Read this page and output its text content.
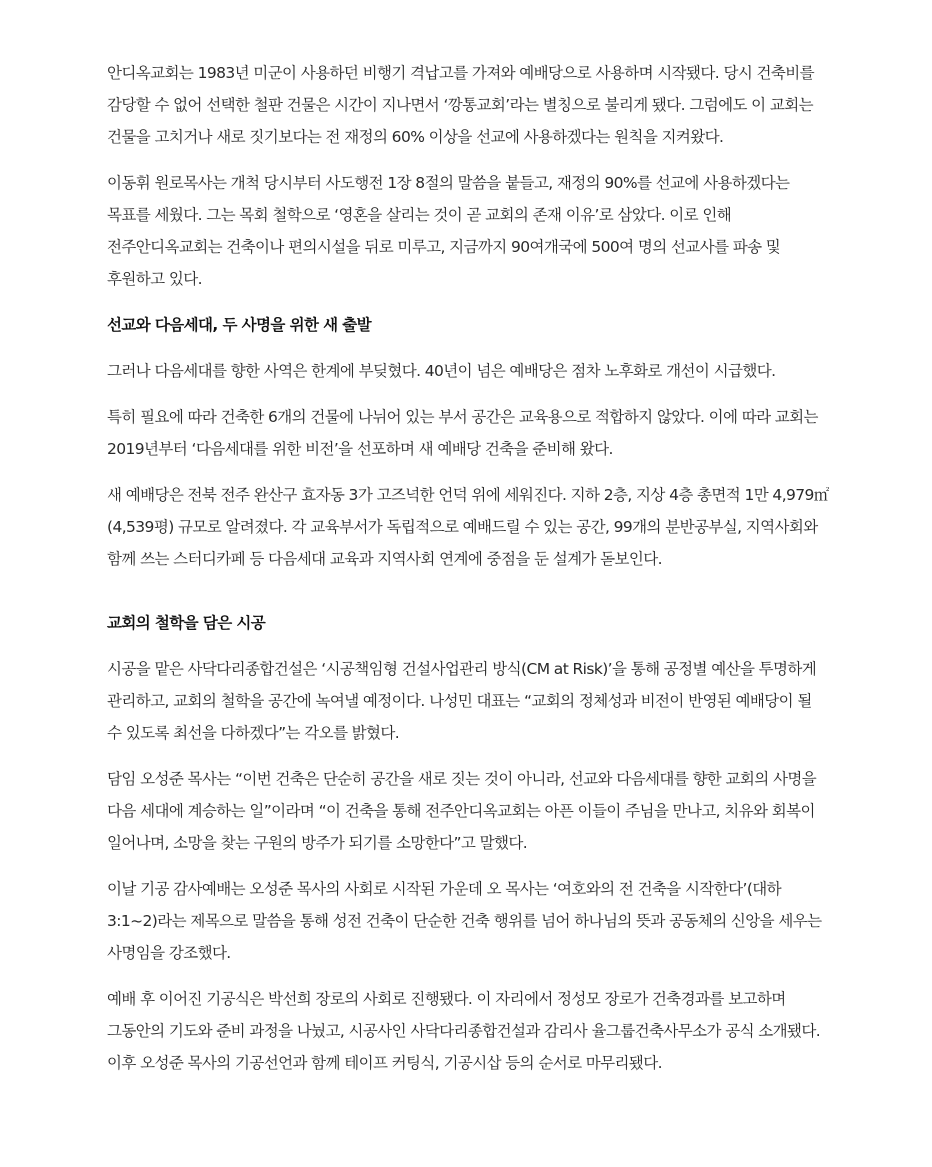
안디옥교회는 1983년 미군이 사용하던 비행기 격납고를 가져와 예배당으로 사용하며 시작됐다. 당시 건축비를 감당할 수 없어 선택한 철판 건물은 시간이 지나면서 ‘깡통교회’라는 별칭으로 불리게 됐다. 그럼에도 이 교회는 건물을 고치거나 새로 짓기보다는 전 재정의 60% 이상을 선교에 사용하겠다는 원칙을 지켜왔다.

이동휘 원로목사는 개척 당시부터 사도행전 1장 8절의 말씀을 붙들고, 재정의 90%를 선교에 사용하겠다는 목표를 세웠다. 그는 목회 철학으로 ‘영혼을 살리는 것이 곧 교회의 존재 이유’로 삼았다. 이로 인해 전주안디옥교회는 건축이나 편의시설을 뒤로 미루고, 지금까지 90여개국에 500여 명의 선교사를 파송 및 후원하고 있다.

선교와 다음세대, 두 사명을 위한 새 출발

그러나 다음세대를 향한 사역은 한계에 부딪혔다. 40년이 넘은 예배당은 점차 노후화로 개선이 시급했다.

특히 필요에 따라 건축한 6개의 건물에 나뉘어 있는 부서 공간은 교육용으로 적합하지 않았다. 이에 따라 교회는 2019년부터 ‘다음세대를 위한 비전’을 선포하며 새 예배당 건축을 준비해 왔다.

새 예배당은 전북 전주 완산구 효자동 3가 고즈넉한 언덕 위에 세워진다. 지하 2층, 지상 4층 총면적 1만 4,979㎡(4,539평) 규모로 알려졌다. 각 교육부서가 독립적으로 예배드릴 수 있는 공간, 99개의 분반공부실, 지역사회와 함께 쓰는 스터디카페 등 다음세대 교육과 지역사회 연계에 중점을 둔 설계가 돋보인다.

교회의 철학을 담은 시공

시공을 맡은 사닥다리종합건설은 ‘시공책임형 건설사업관리 방식(CM at Risk)’을 통해 공정별 예산을 투명하게 관리하고, 교회의 철학을 공간에 녹여낼 예정이다. 나성민 대표는 “교회의 정체성과 비전이 반영된 예배당이 될 수 있도록 최선을 다하겠다”는 각오를 밝혔다.

담임 오성준 목사는 “이번 건축은 단순히 공간을 새로 짓는 것이 아니라, 선교와 다음세대를 향한 교회의 사명을 다음 세대에 계승하는 일”이라며 “이 건축을 통해 전주안디옥교회는 아픈 이들이 주님을 만나고, 치유와 회복이 일어나며, 소망을 찾는 구원의 방주가 되기를 소망한다”고 말했다.

이날 기공 감사예배는 오성준 목사의 사회로 시작된 가운데 오 목사는 ‘여호와의 전 건축을 시작한다’(대하 3:1~2)라는 제목으로 말씀을 통해 성전 건축이 단순한 건축 행위를 넘어 하나님의 뜻과 공동체의 신앙을 세우는 사명임을 강조했다.

예배 후 이어진 기공식은 박선희 장로의 사회로 진행됐다. 이 자리에서 정성모 장로가 건축경과를 보고하며 그동안의 기도와 준비 과정을 나눴고, 시공사인 사닥다리종합건설과 감리사 율그룹건축사무소가 공식 소개됐다. 이후 오성준 목사의 기공선언과 함께 테이프 커팅식, 기공시삽 등의 순서로 마무리됐다.
